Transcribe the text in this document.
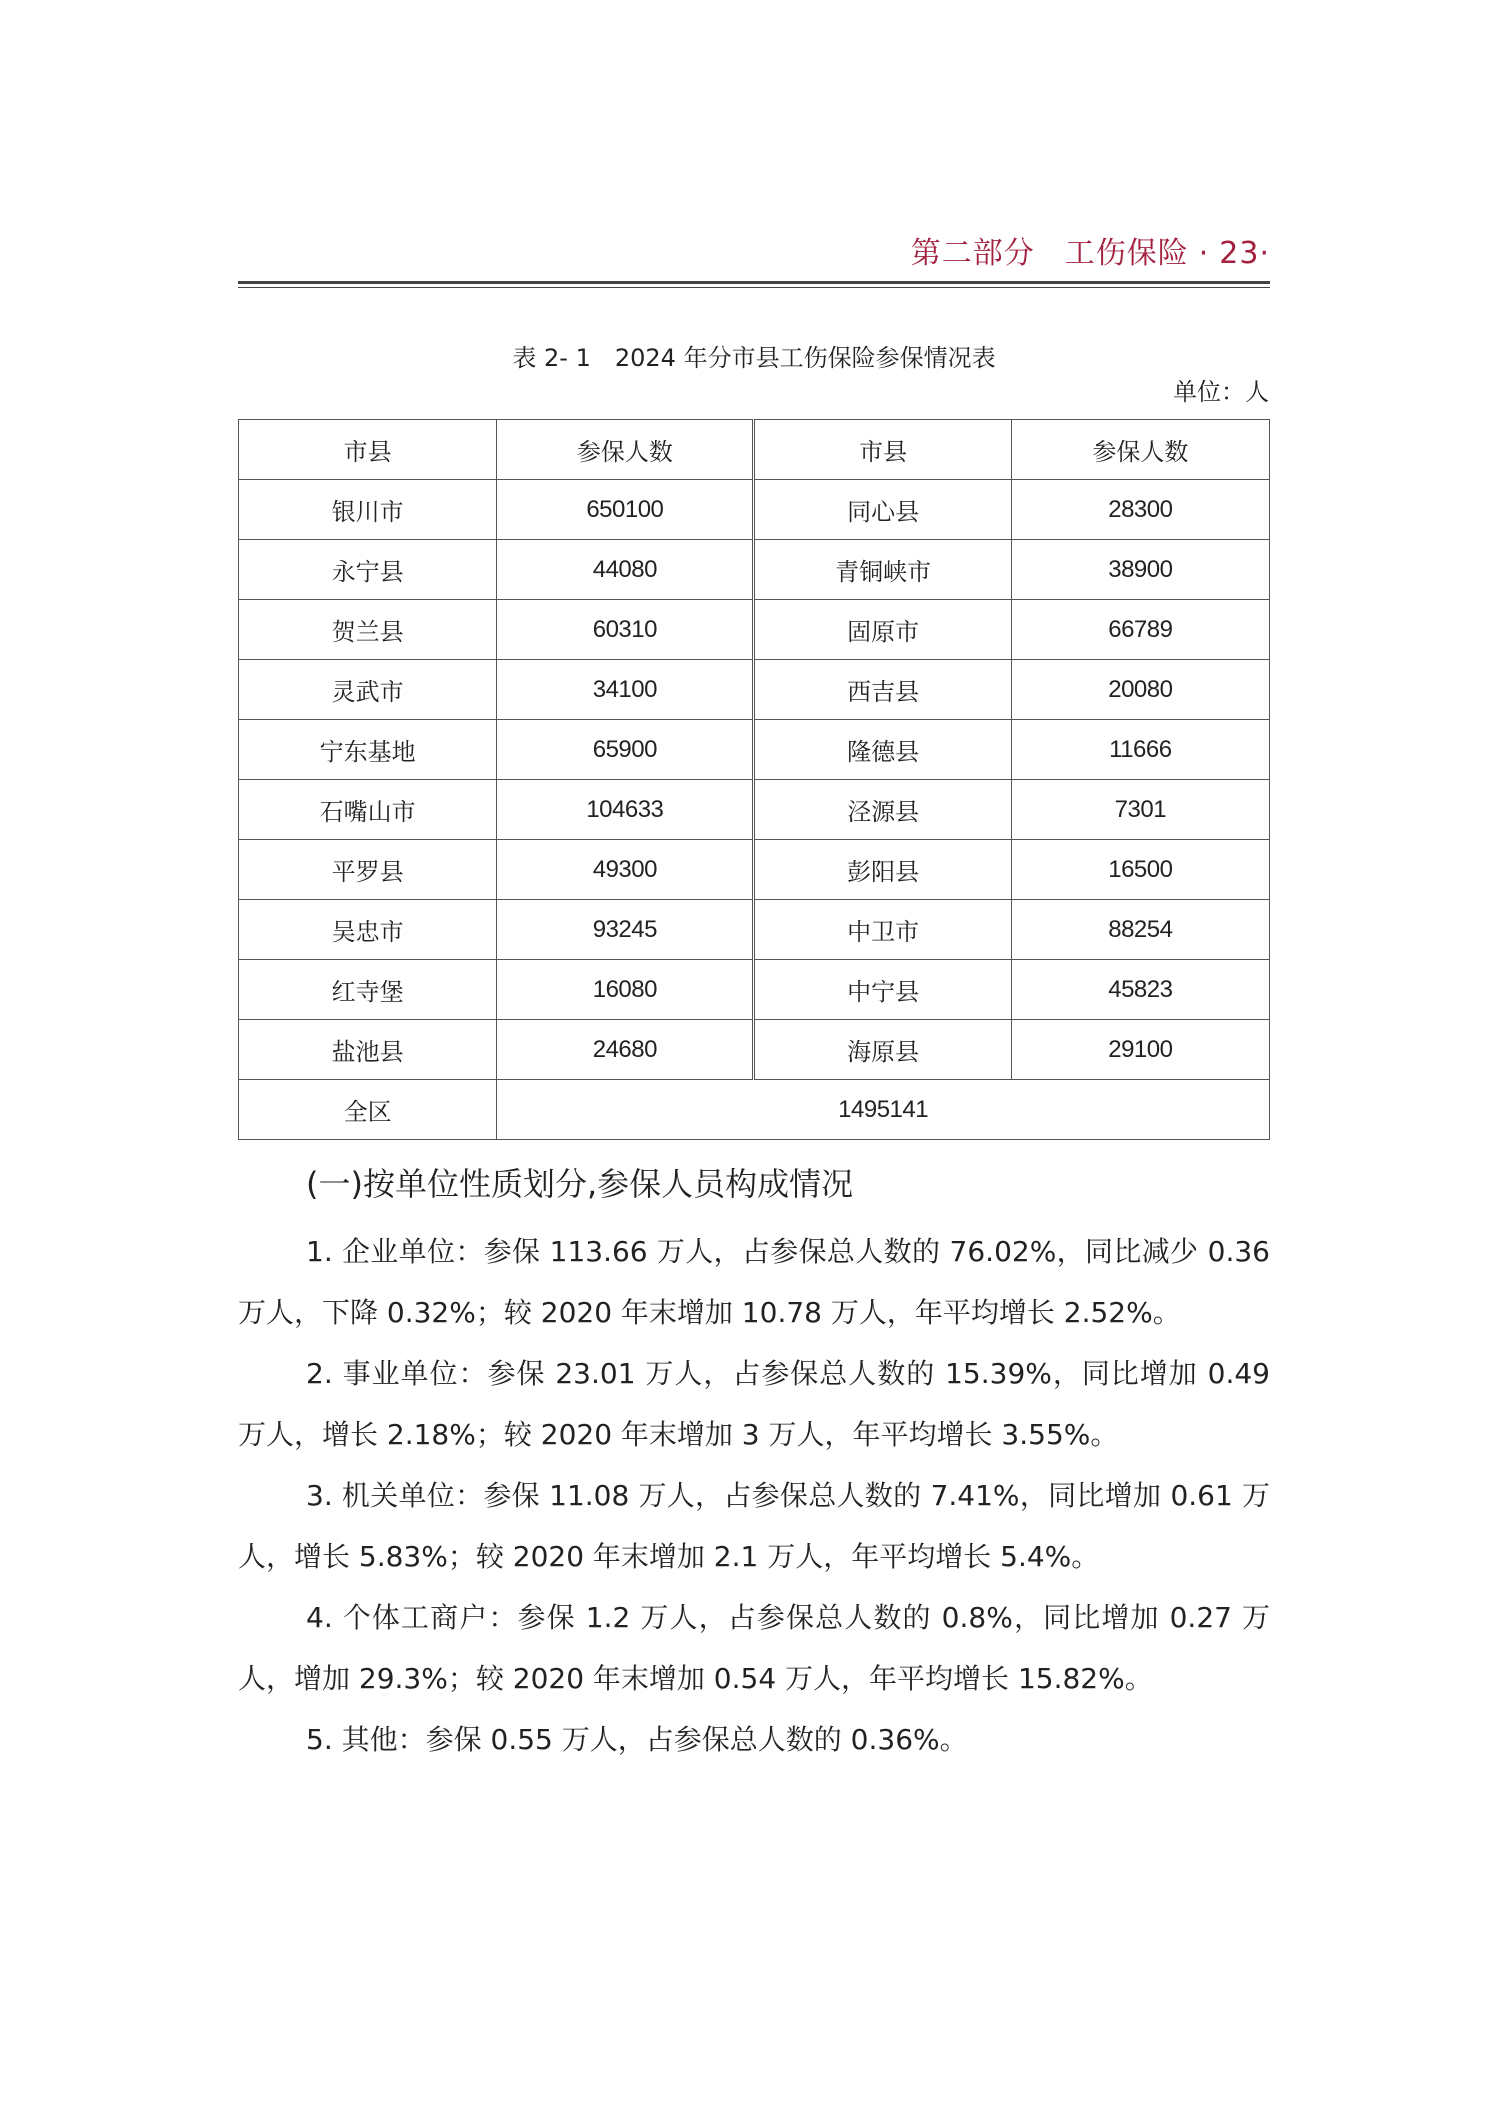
第二部分 工伤保险 · 23·
表 2- 1　2024 年分市县工伤保险参保情况表
单位：人
市县	参保人数	市县	参保人数
银川市	650100	同心县	28300
永宁县	44080	青铜峡市	38900
贺兰县	60310	固原市	66789
灵武市	34100	西吉县	20080
宁东基地	65900	隆德县	11666
石嘴山市	104633	泾源县	7301
平罗县	49300	彭阳县	16500
吴忠市	93245	中卫市	88254
红寺堡	16080	中宁县	45823
盐池县	24680	海原县	29100
全区	1495141		
(一)按单位性质划分,参保人员构成情况

1. 企业单位：参保 113.66 万人，占参保总人数的 76.02%，同比减少 0.36 万人，下降 0.32%；较 2020 年末增加 10.78 万人，年平均增长 2.52%。

2. 事业单位：参保 23.01 万人，占参保总人数的 15.39%，同比增加 0.49 万人，增长 2.18%；较 2020 年末增加 3 万人，年平均增长 3.55%。

3. 机关单位：参保 11.08 万人，占参保总人数的 7.41%，同比增加 0.61 万人，增长 5.83%；较 2020 年末增加 2.1 万人，年平均增长 5.4%。

4. 个体工商户：参保 1.2 万人，占参保总人数的 0.8%，同比增加 0.27 万人，增加 29.3%；较 2020 年末增加 0.54 万人，年平均增长 15.82%。

5. 其他：参保 0.55 万人，占参保总人数的 0.36%。
